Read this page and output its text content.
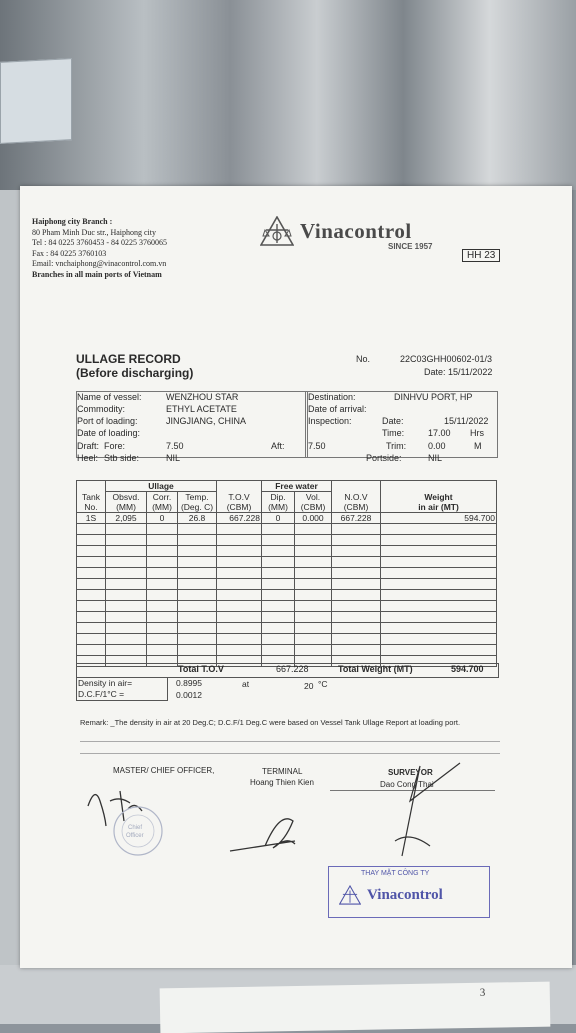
3
Haiphong city Branch :
80 Pham Minh Duc str., Haiphong city
Tel : 84 0225 3760453 - 84 0225 3760065
Fax : 84 0225 3760103
Email: vnchaiphong@vinacontrol.com.vn
Branches in all main ports of Vietnam
Vinacontrol
SINCE 1957
HH 23
ULLAGE RECORD
(Before discharging)
No.	22C03GHH00602-01/3
Date: 15/11/2022
Name of vessel:	WENZHOU STAR
Commodity:	ETHYL ACETATE
Port of loading:	JINGJIANG, CHINA
Date of loading:
Draft: Fore:	7.50	Aft:	7.50
Heel: Stb side:	NIL
Destination:	DINHVU PORT, HP
Date of arrival:
Inspection:	Date:	15/11/2022
Time:	17.00 Hrs
Trim: 0.00	M
Portside:	NIL
	Ullage				Free water			
Tank	Obsvd.	Corr.	Temp.	T.O.V	Dip.	Vol.	N.O.V	Weight
No.	(MM)	(MM)	(Deg. C)	(CBM)	(MM)	(CBM)	(CBM)	in air (MT)
1S	2,095	0	26.8	667.228	0	0.000	667.228	594.700

Total T.O.V	667.228	Total Weight (MT)	594.700
Density in air=	0.8995	at	20 °C
D.C.F/1°C =	0.0012
Remark: _The density in air at 20 Deg.C; D.C.F/1 Deg.C were based on Vessel Tank Ullage Report at loading port.
MASTER/ CHIEF OFFICER,	TERMINAL
Hoang Thien Kien
SURVEYOR
Dao Cong Thai
Chief
Officer
THAY MẶT CÔNG TY
Vinacontrol
